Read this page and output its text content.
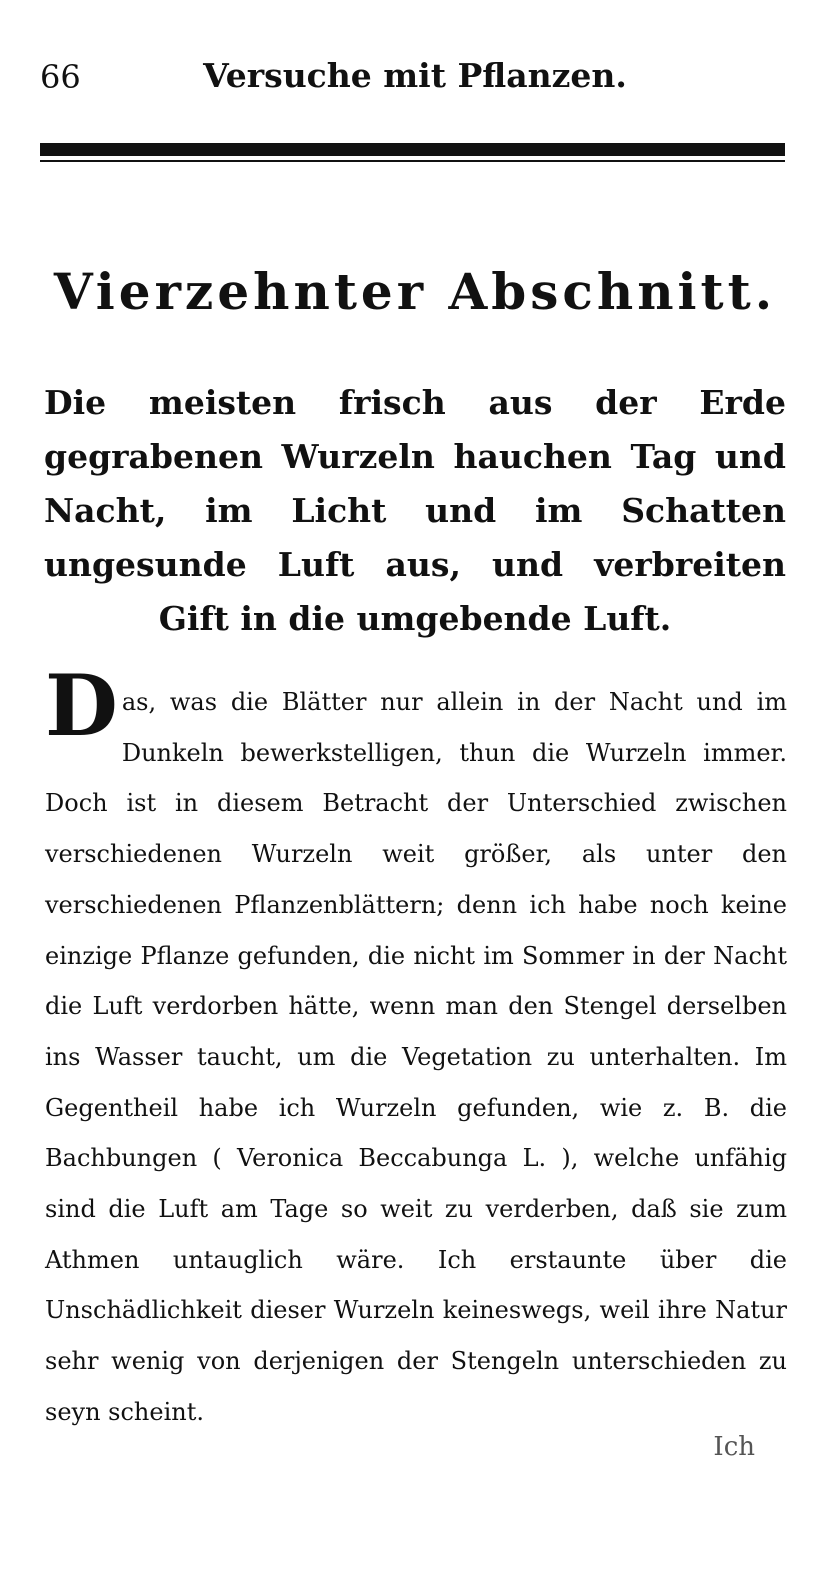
66	Versuche mit Pflanzen.
Vierzehnter Abschnitt.
Die meisten frisch aus der Erde gegrabenen Wurzeln hauchen Tag und Nacht, im Licht und im Schatten ungesunde Luft aus, und verbreiten Gift in die umgebende Luft.
Das, was die Blätter nur allein in der Nacht und im Dunkeln bewerkstelligen, thun die Wurzeln immer. Doch ist in diesem Betracht der Unterschied zwischen verschiedenen Wurzeln weit größer, als unter den verschiedenen Pflanzenblättern; denn ich habe noch keine einzige Pflanze gefunden, die nicht im Sommer in der Nacht die Luft verdorben hätte, wenn man den Stengel derselben ins Wasser taucht, um die Vegetation zu unterhalten. Im Gegentheil habe ich Wurzeln gefunden, wie z. B. die Bachbungen ( Veronica Beccabunga L. ), welche unfähig sind die Luft am Tage so weit zu verderben, daß sie zum Athmen untauglich wäre. Ich erstaunte über die Unschädlichkeit dieser Wurzeln keineswegs, weil ihre Natur sehr wenig von derjenigen der Stengeln unterschieden zu seyn scheint.
Ich
